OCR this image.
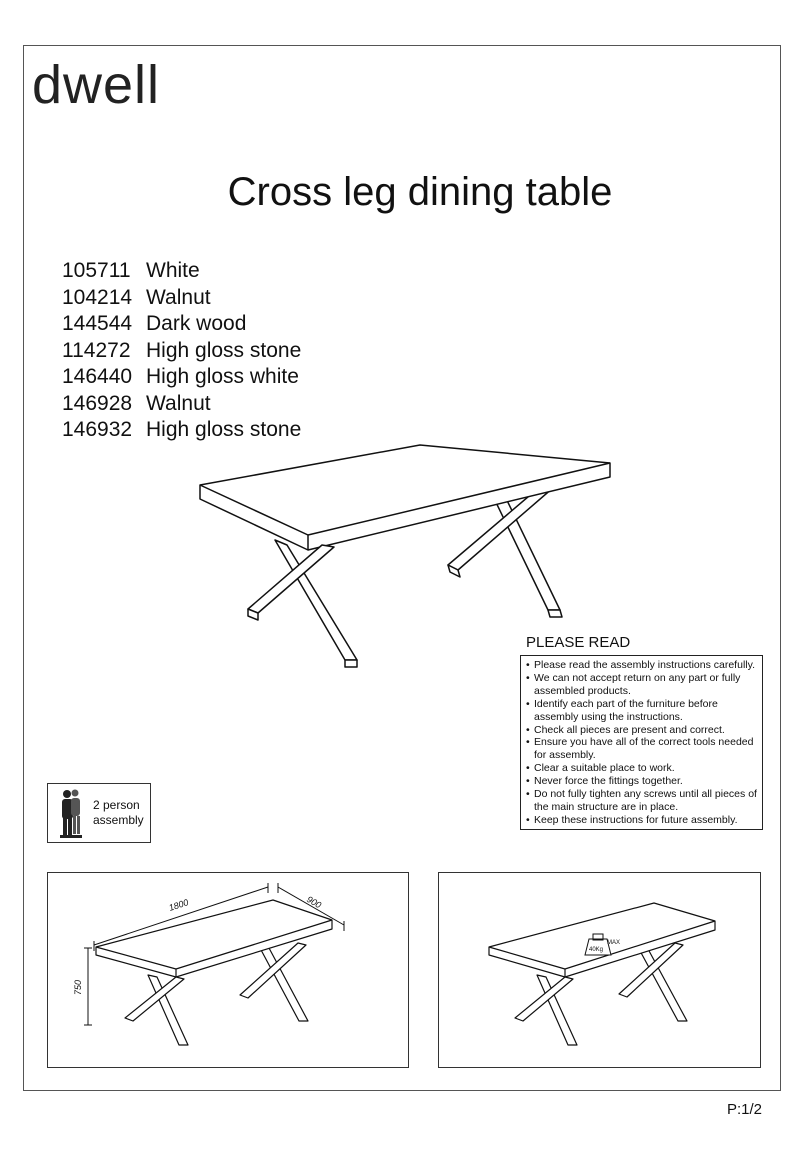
dwell
Cross leg dining table
105711 White
104214 Walnut
144544 Dark wood
114272 High gloss stone
146440 High gloss white
146928 Walnut
146932 High gloss stone
PLEASE READ
• Please read the assembly instructions carefully.
• We can not accept return on any part or fully assembled products.
• Identify each part of the furniture before assembly using the instructions.
• Check all pieces are present and correct.
• Ensure you have all of the correct tools needed for assembly.
• Clear a suitable place to work.
• Never force the fittings together.
• Do not fully tighten any screws until all pieces of the main structure are in place.
• Keep these instructions for future assembly.
2 person
assembly
1800	900
750
40Kg
MAX
P:1/2
